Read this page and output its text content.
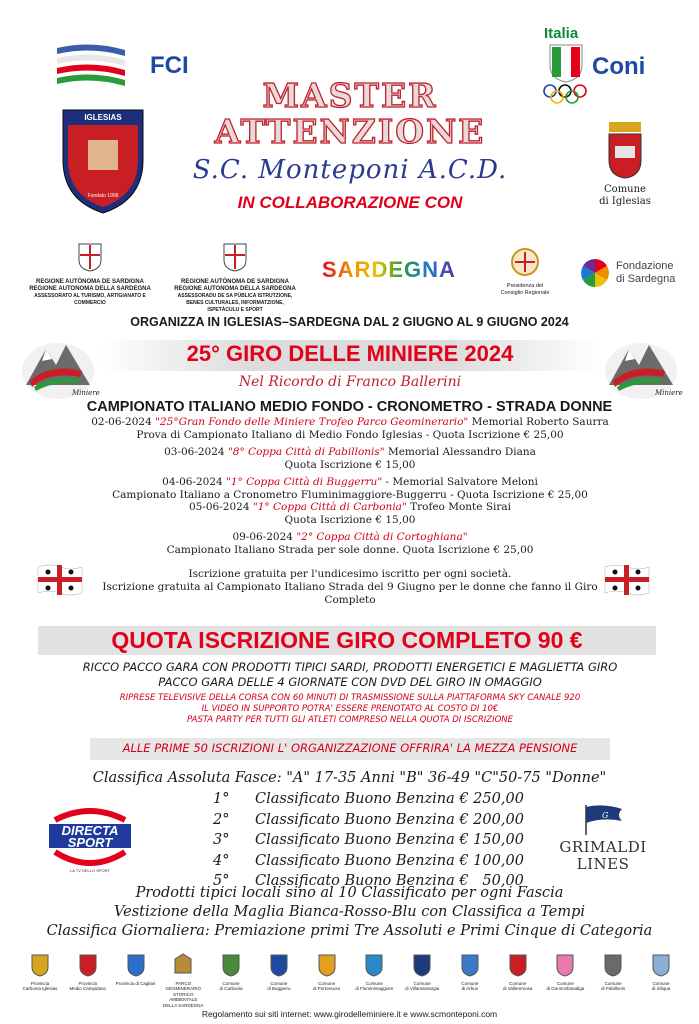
FCI
Italia
Coni
MASTER
ATTENZIONE
S.C. Monteponi A.C.D.
IN COLLABORAZIONE CON
IGLESIAS
Fondato 1998
Comune
di Iglesias
REGIONE AUTÒNOMA DE SARDIGNA
REGIONE AUTONOMA DELLA SARDEGNA
ASSESSORATO AL TURISMO, ARTIGIANATO E COMMERCIO
REGIONE AUTÒNOMA DE SARDIGNA
REGIONE AUTONOMA DELLA SARDEGNA
ASSESSORADU DE SA PÙBLICA ISTRUTZIONE, BENES CULTURALES, INFORMATZIONE, ISPETÀCULU E SPORT
SARDEGNA
Presidenza del
Consiglio Regionale
Fondazione
di Sardegna
ORGANIZZA IN IGLESIAS–SARDEGNA DAL 2 GIUGNO AL 9 GIUGNO 2024
25° GIRO DELLE MINIERE 2024
Nel Ricordo di Franco Ballerini
Miniere	Miniere
CAMPIONATO ITALIANO MEDIO FONDO - CRONOMETRO - STRADA DONNE
02-06-2024 "25°Gran Fondo delle Miniere Trofeo Parco Geominerario" Memorial Roberto Saurra
Prova di Campionato Italiano di Medio Fondo Iglesias - Quota Iscrizione € 25,00
03-06-2024 "8° Coppa Città di Pabillonis" Memorial Alessandro Diana
Quota Iscrizione € 15,00
04-06-2024 "1° Coppa Città di Buggerru" - Memorial Salvatore Meloni
Campionato Italiano a Cronometro Fluminimaggiore-Buggerru - Quota Iscrizione € 25,00
05-06-2024 "1° Coppa Città di Carbonia" Trofeo Monte Sirai
Quota Iscrizione € 15,00
09-06-2024 "2° Coppa Città di Cortoghiana"
Campionato Italiano Strada per sole donne. Quota Iscrizione € 25,00
Iscrizione gratuita per l'undicesimo iscritto per ogni società.
Iscrizione gratuita al Campionato Italiano Strada del 9 Giugno per le donne che fanno il Giro Completo
QUOTA ISCRIZIONE GIRO COMPLETO 90 €
RICCO PACCO GARA CON PRODOTTI TIPICI SARDI, PRODOTTI ENERGETICI E MAGLIETTA GIRO
PACCO GARA DELLE 4 GIORNATE CON DVD DEL GIRO IN OMAGGIO
RIPRESE TELEVISIVE DELLA CORSA CON 60 MINUTI DI TRASMISSIONE SULLA PIATTAFORMA SKY CANALE 920
IL VIDEO IN SUPPORTO POTRA' ESSERE PRENOTATO AL COSTO DI 10€
PASTA PARTY PER TUTTI GLI ATLETI COMPRESO NELLA QUOTA DI ISCRIZIONE
ALLE PRIME 50 ISCRIZIONI L' ORGANIZZAZIONE OFFRIRA' LA MEZZA PENSIONE
Classifica Assoluta Fasce: "A" 17-35 Anni "B" 36-49 "C"50-75 "Donne"
1°	Classificato Buono Benzina € 250,00
2°	Classificato Buono Benzina € 200,00
3°	Classificato Buono Benzina € 150,00
4°	Classificato Buono Benzina € 100,00
5°	Classificato Buono Benzina €   50,00
Prodotti tipici locali sino al 10 Classificato per ogni Fascia
Vestizione della Maglia Bianca-Rosso-Blu con Classifica a Tempi
Classifica Giornaliera: Premiazione primi Tre Assoluti e Primi Cinque di Categoria
DIRECTA
SPORT
LA TV DELLO SPORT
G
GRIMALDI
LINES
Provincia
Carbonia Iglesias
Provincia
Medio Campidano
Provincia di Cagliari	PARCO GEOMINERARIO
STORICO AMBIENTALE
DELLA SARDEGNA
Comune
di Carbonia
Comune
di Buggerru
Comune
di Portoscuso
Comune
di Fluminimaggiore
Comune
di Villamassargia
Comune
di Arbus
Comune
di Valleremosa
Comune
di Gonnosfanadiga
Comune
di Pabillonis
Comune
di Siliqua
Regolamento sui siti internet: www.girodelleminiere.it e www.scmonteponi.com
